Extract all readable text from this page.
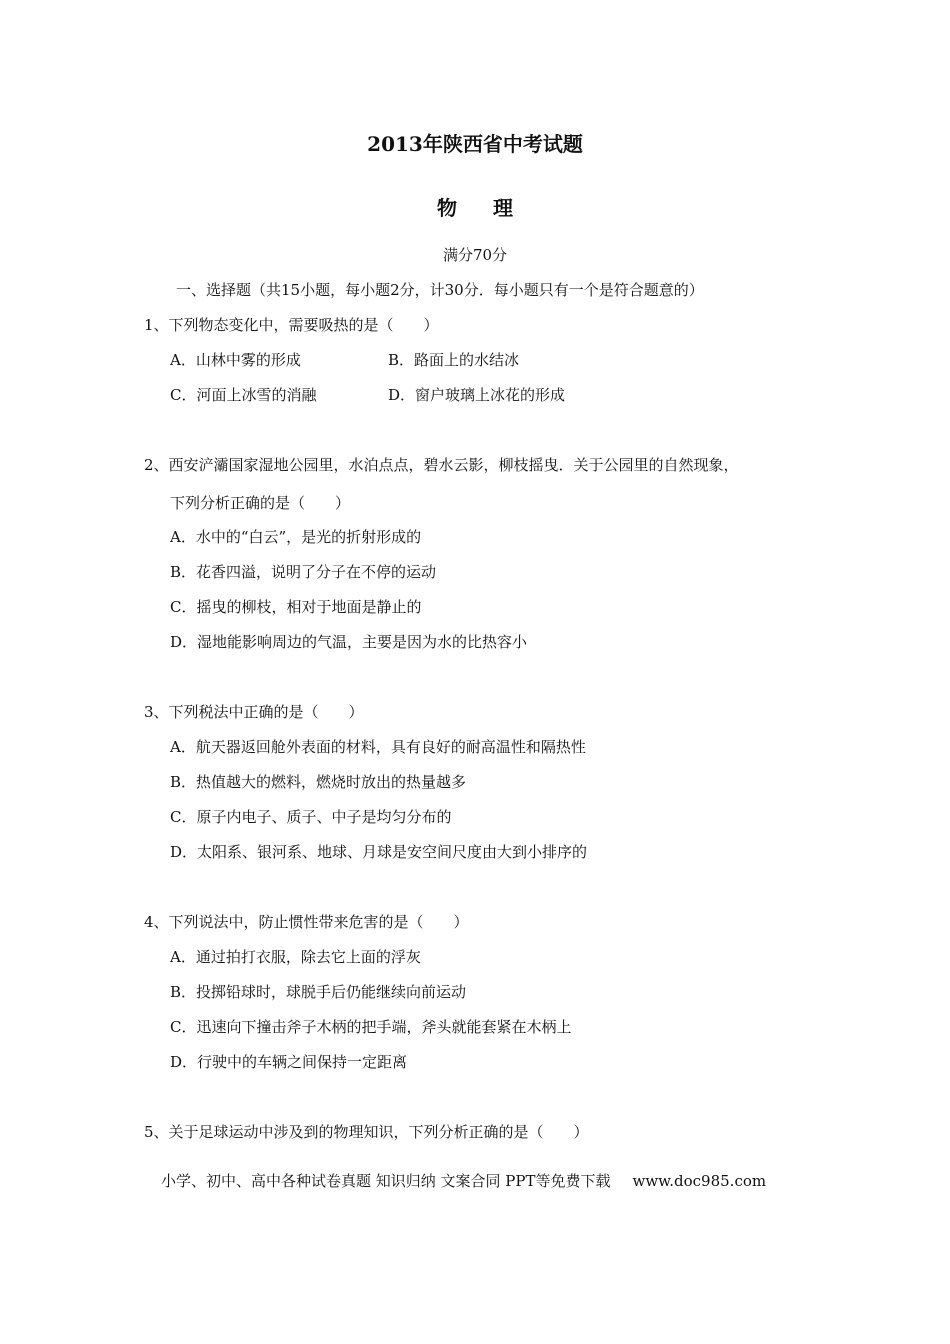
2013年陕西省中考试题
物理
满分70分
一、选择题（共15小题，每小题2分，计30分．每小题只有一个是符合题意的）
1、下列物态变化中，需要吸热的是（　　）
A．山林中雾的形成	B．路面上的水结冰
C．河面上冰雪的消融	D．窗户玻璃上冰花的形成
2、西安浐灞国家湿地公园里，水泊点点，碧水云影，柳枝摇曳．关于公园里的自然现象，
下列分析正确的是（　　）
A．水中的“白云”，是光的折射形成的
B．花香四溢，说明了分子在不停的运动
C．摇曳的柳枝，相对于地面是静止的
D．湿地能影响周边的气温，主要是因为水的比热容小
3、下列税法中正确的是（　　）
A．航天器返回舱外表面的材料，具有良好的耐高温性和隔热性
B．热值越大的燃料，燃烧时放出的热量越多
C．原子内电子、质子、中子是均匀分布的
D．太阳系、银河系、地球、月球是安空间尺度由大到小排序的
4、下列说法中，防止惯性带来危害的是（　　）
A．通过拍打衣服，除去它上面的浮灰
B．投掷铅球时，球脱手后仍能继续向前运动
C．迅速向下撞击斧子木柄的把手端，斧头就能套紧在木柄上
D．行驶中的车辆之间保持一定距离
5、关于足球运动中涉及到的物理知识，下列分析正确的是（　　）
小学、初中、高中各种试卷真题 知识归纳 文案合同 PPT等免费下载 www.doc985.com
